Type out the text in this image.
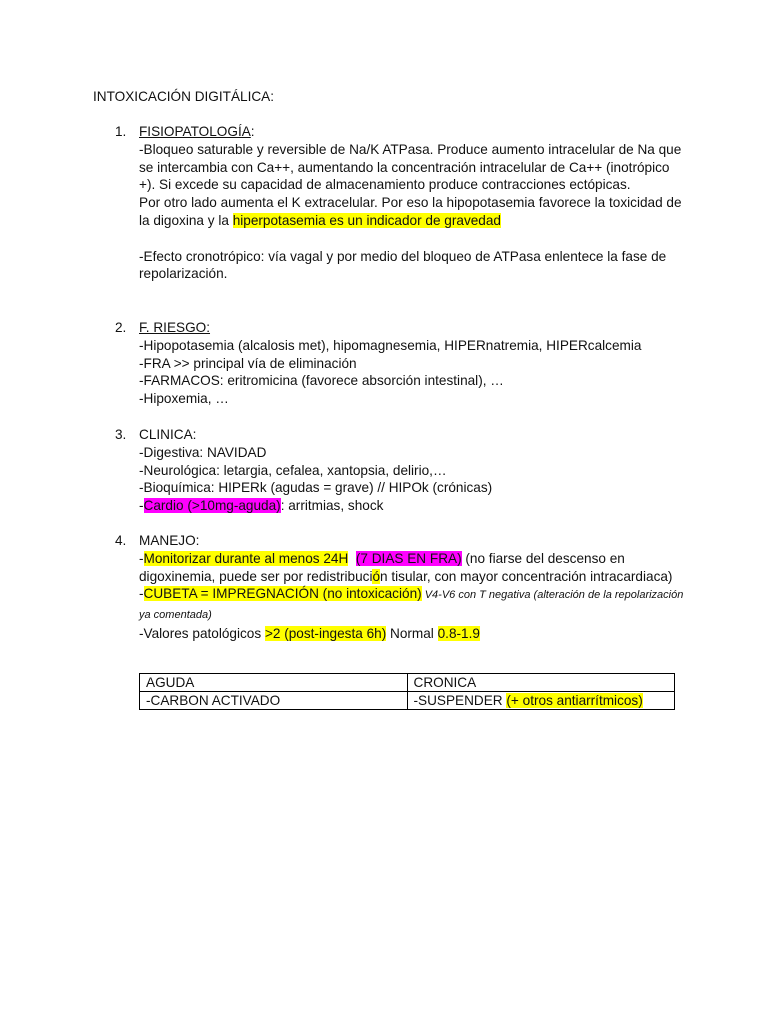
INTOXICACIÓN DIGITÁLICA:
1. FISIOPATOLOGÍA:
-Bloqueo saturable y reversible de Na/K ATPasa. Produce aumento intracelular de Na que se intercambia con Ca++, aumentando la concentración intracelular de Ca++ (inotrópico +). Si excede su capacidad de almacenamiento produce contracciones ectópicas.
Por otro lado aumenta el K extracelular. Por eso la hipopotasemia favorece la toxicidad de la digoxina y la hiperpotasemia es un indicador de gravedad
-Efecto cronotrópico: vía vagal y por medio del bloqueo de ATPasa enlentece la fase de repolarización.
2. F. RIESGO:
-Hipopotasemia (alcalosis met), hipomagnesemia, HIPERnatremia, HIPERcalcemia
-FRA >> principal vía de eliminación
-FARMACOS: eritromicina (favorece absorción intestinal), …
-Hipoxemia, …
3. CLINICA:
-Digestiva: NAVIDAD
-Neurológica: letargia, cefalea, xantopsia, delirio,…
-Bioquímica: HIPERk (agudas = grave) // HIPOk (crónicas)
-Cardio (>10mg-aguda): arritmias, shock
4. MANEJO:
-Monitorizar durante al menos 24H (7 DIAS EN FRA) (no fiarse del descenso en digoxinemia, puede ser por redistribución tisular, con mayor concentración intracardiaca)
-CUBETA = IMPREGNACIÓN (no intoxicación) V4-V6 con T negativa (alteración de la repolarización ya comentada)
-Valores patológicos >2 (post-ingesta 6h) Normal 0.8-1.9
AGUDA	CRONICA
-CARBON ACTIVADO	-SUSPENDER (+ otros antiarrítmicos)
